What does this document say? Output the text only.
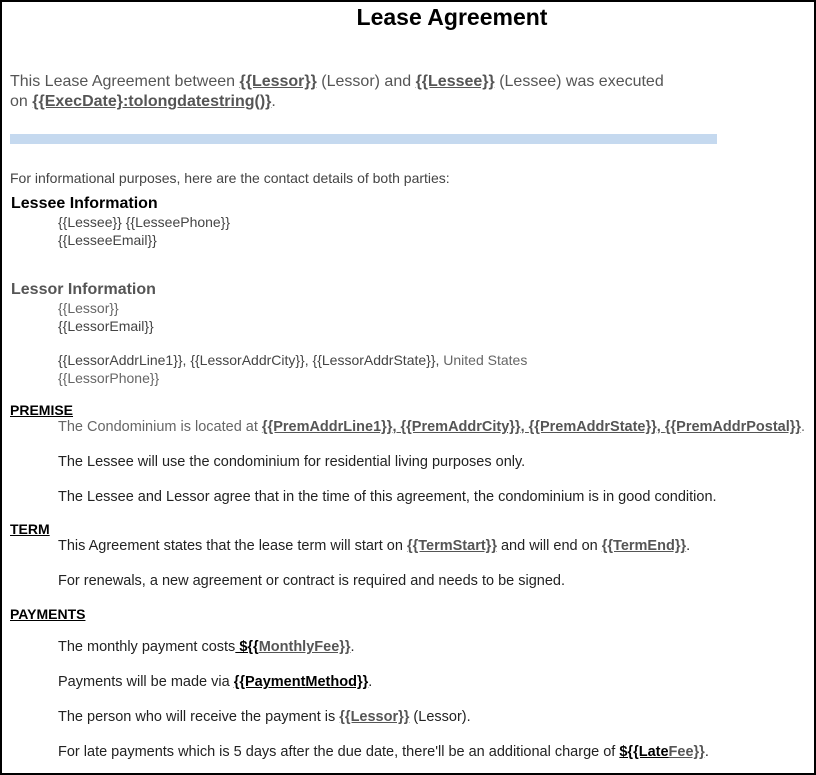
Lease Agreement
This Lease Agreement between {{Lessor}} (Lessor) and {{Lessee}} (Lessee) was executed
on {{ExecDate}:tolongdatestring()}.
For informational purposes, here are the contact details of both parties:
Lessee Information
{{Lessee}} {{LesseePhone}}
{{LesseeEmail}}
Lessor Information
{{Lessor}}
{{LessorEmail}}
{{LessorAddrLine1}}, {{LessorAddrCity}}, {{LessorAddrState}}, United States
{{LessorPhone}}
PREMISE
The Condominium is located at {{PremAddrLine1}}, {{PremAddrCity}}, {{PremAddrState}}, {{PremAddrPostal}}.
The Lessee will use the condominium for residential living purposes only.
The Lessee and Lessor agree that in the time of this agreement, the condominium is in good condition.
TERM
This Agreement states that the lease term will start on {{TermStart}} and will end on {{TermEnd}}.
For renewals, a new agreement or contract is required and needs to be signed.
PAYMENTS
The monthly payment costs ${{MonthlyFee}}.
Payments will be made via {{PaymentMethod}}.
The person who will receive the payment is {{Lessor}} (Lessor).
For late payments which is 5 days after the due date, there'll be an additional charge of ${{LateFee}}.
